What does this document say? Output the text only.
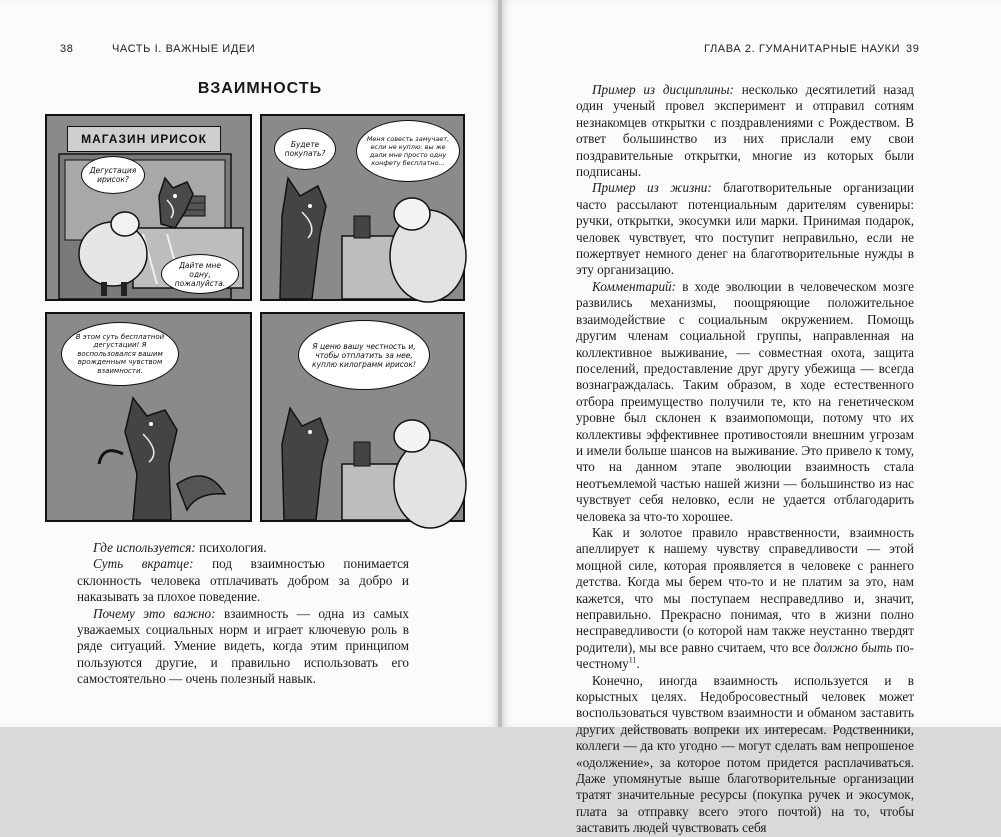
38	ЧАСТЬ I. ВАЖНЫЕ ИДЕИ
ВЗАИМНОСТЬ
МАГАЗИН ИРИСОК
Дегустация ирисок?
Дайте мне одну, пожалуйста.
Будете покупать?
Меня совесть замучает, если не куплю: вы же дали мне просто одну конфету бесплатно...
В этом суть бесплатной дегустации! Я воспользовался вашим врожденным чувством взаимности.
Я ценю вашу честность и, чтобы отплатить за нее, куплю килограмм ирисок!

Где используется: психология.

Суть вкратце: под взаимностью понимается склонность человека отплачивать добром за добро и наказывать за плохое поведение.

Почему это важно: взаимность — одна из самых уважаемых социальных норм и играет ключевую роль в ряде ситуаций. Умение видеть, когда этим принципом пользуются другие, и правильно использовать его самостоятельно — очень полезный навык.

ГЛАВА 2. ГУМАНИТАРНЫЕ НАУКИ 39

Пример из дисциплины: несколько десятилетий назад один ученый провел эксперимент и отправил сотням незнакомцев открытки с поздравлениями с Рождеством. В ответ большинство из них прислали ему свои поздравительные открытки, многие из которых были подписаны.

Пример из жизни: благотворительные организации часто рассылают потенциальным дарителям сувениры: ручки, открытки, экосумки или марки. Принимая подарок, человек чувствует, что поступит неправильно, если не пожертвует немного денег на благотворительные нужды в эту организацию.

Комментарий: в ходе эволюции в человеческом мозге развились механизмы, поощряющие положительное взаимодействие с социальным окружением. Помощь другим членам социальной группы, направленная на коллективное выживание, — совместная охота, защита поселений, предоставление друг другу убежища — всегда вознаграждалась. Таким образом, в ходе естественного отбора преимущество получили те, кто на генетическом уровне был склонен к взаимопомощи, потому что их коллективы эффективнее противостояли внешним угрозам и имели больше шансов на выживание. Это привело к тому, что на данном этапе эволюции взаимность стала неотъемлемой частью нашей жизни — большинство из нас чувствует себя неловко, если не удается отблагодарить человека за что-то хорошее.

Как и золотое правило нравственности, взаимность апеллирует к нашему чувству справедливости — этой мощной силе, которая проявляется в человеке с раннего детства. Когда мы берем что-то и не платим за это, нам кажется, что мы поступаем несправедливо и, значит, неправильно. Прекрасно понимая, что в жизни полно несправедливости (о которой нам также неустанно твердят родители), мы все равно считаем, что все должно быть по-честному$^{11}$.

Конечно, иногда взаимность используется и в корыстных целях. Недобросовестный человек может воспользоваться чувством взаимности и обманом заставить других действовать вопреки их интересам. Родственники, коллеги — да кто угодно — могут сделать вам непрошеное «одолжение», за которое потом придется расплачиваться. Даже упомянутые выше благотворительные организации тратят значительные ресурсы (покупка ручек и экосумок, плата за отправку всего этого почтой) на то, чтобы заставить людей чувствовать себя
